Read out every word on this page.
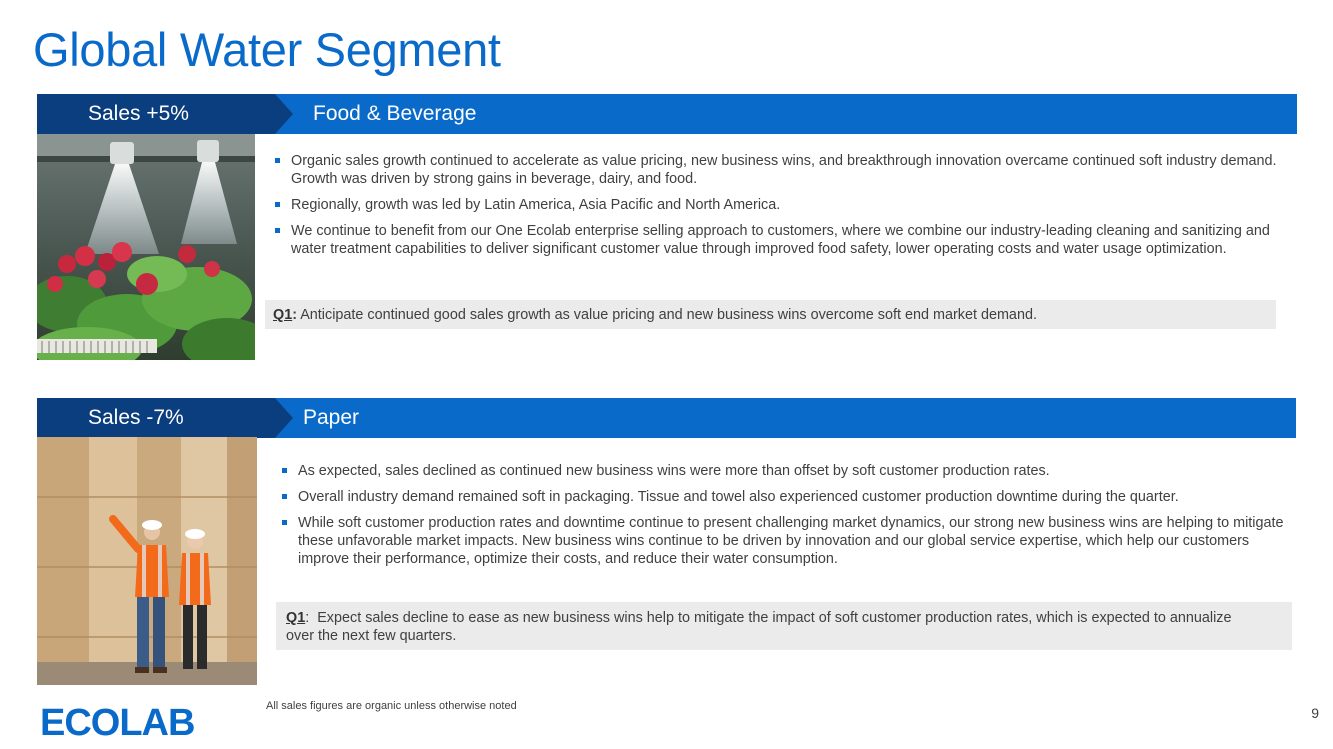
Global Water Segment
Food & Beverage
Sales +5%
Organic sales growth continued to accelerate as value pricing, new business wins, and breakthrough innovation overcame continued soft industry demand. Growth was driven by strong gains in beverage, dairy, and food.
Regionally, growth was led by Latin America, Asia Pacific and North America.
We continue to benefit from our One Ecolab enterprise selling approach to customers, where we combine our industry-leading cleaning and sanitizing and water treatment capabilities to deliver significant customer value through improved food safety, lower operating costs and water usage optimization.
Q1: Anticipate continued good sales growth as value pricing and new business wins overcome soft end market demand.
Paper
Sales -7%
As expected, sales declined as continued new business wins were more than offset by soft customer production rates.
Overall industry demand remained soft in packaging. Tissue and towel also experienced customer production downtime during the quarter.
While soft customer production rates and downtime continue to present challenging market dynamics, our strong new business wins are helping to mitigate these unfavorable market impacts. New business wins continue to be driven by innovation and our global service expertise, which help our customers improve their performance, optimize their costs, and reduce their water consumption.
Q1:  Expect sales decline to ease as new business wins help to mitigate the impact of soft customer production rates, which is expected to annualize over the next few quarters.
ECOLAB	All sales figures are organic unless otherwise noted	9
